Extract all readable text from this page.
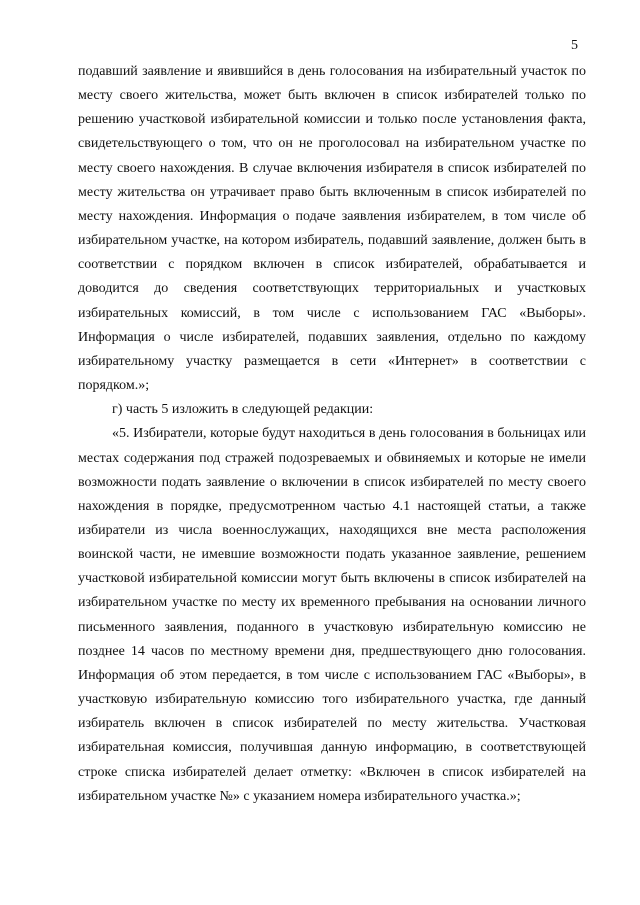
5

подавший заявление и явившийся в день голосования на избирательный участок по месту своего жительства, может быть включен в список избирателей только по решению участковой избирательной комиссии и только после установления факта, свидетельствующего о том, что он не проголосовал на избирательном участке по месту своего нахождения. В случае включения избирателя в список избирателей по месту жительства он утрачивает право быть включенным в список избирателей по месту нахождения. Информация о подаче заявления избирателем, в том числе об избирательном участке, на котором избиратель, подавший заявление, должен быть в соответствии с порядком включен в список избирателей, обрабатывается и доводится до сведения соответствующих территориальных и участковых избирательных комиссий, в том числе с использованием ГАС «Выборы». Информация о числе избирателей, подавших заявления, отдельно по каждому избирательному участку размещается в сети «Интернет» в соответствии с порядком.»;

г) часть 5 изложить в следующей редакции:

«5. Избиратели, которые будут находиться в день голосования в больницах или местах содержания под стражей подозреваемых и обвиняемых и которые не имели возможности подать заявление о включении в список избирателей по месту своего нахождения в порядке, предусмотренном частью 4.1 настоящей статьи, а также избиратели из числа военнослужащих, находящихся вне места расположения воинской части, не имевшие возможности подать указанное заявление, решением участковой избирательной комиссии могут быть включены в список избирателей на избирательном участке по месту их временного пребывания на основании личного письменного заявления, поданного в участковую избирательную комиссию не позднее 14 часов по местному времени дня, предшествующего дню голосования. Информация об этом передается, в том числе с использованием ГАС «Выборы», в участковую избирательную комиссию того избирательного участка, где данный избиратель включен в список избирателей по месту жительства. Участковая избирательная комиссия, получившая данную информацию, в соответствующей строке списка избирателей делает отметку: «Включен в список избирателей на избирательном участке №» с указанием номера избирательного участка.»;
